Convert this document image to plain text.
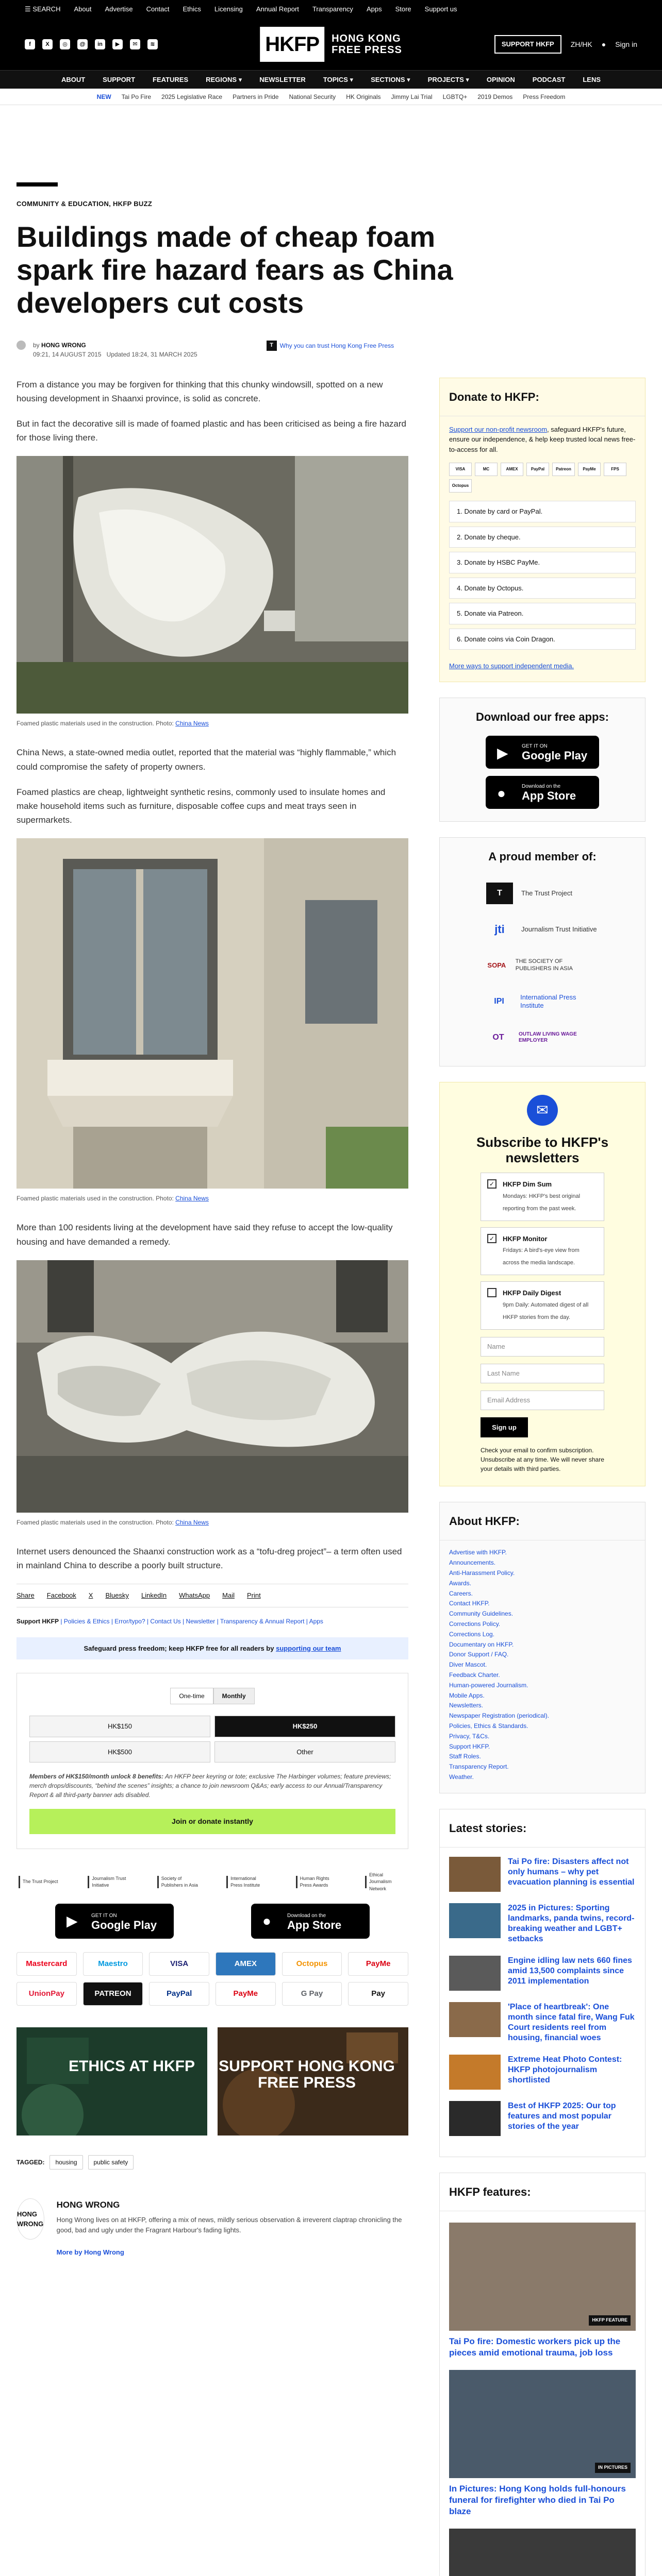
☰ SEARCH About Advertise Contact Ethics Licensing Annual Report Transparency Apps Store Support us
f	X	◎	@	in	▶	✉	≋	HKFP	HONG KONG
FREE PRESS
SUPPORT HKFP	ZH/HK ● Sign in
ABOUT	SUPPORT	FEATURES	REGIONS ▾	NEWSLETTER	TOPICS ▾	SECTIONS ▾	PROJECTS ▾	OPINION	PODCAST	LENS
NEW Tai Po Fire 2025 Legislative Race Partners in Pride National Security HK Originals Jimmy Lai Trial LGBTQ+ 2019 Demos Press Freedom
COMMUNITY & EDUCATION, HKFP BUZZ
Buildings made of cheap foam spark fire hazard fears as China developers cut costs
by HONG WRONG
09:21, 14 AUGUST 2015 Updated 18:24, 31 MARCH 2025
T	Why you can trust Hong Kong Free Press

From a distance you may be forgiven for thinking that this chunky windowsill, spotted on a new housing development in Shaanxi province, is solid as concrete.

But in fact the decorative sill is made of foamed plastic and has been criticised as being a fire hazard for those living there.

Foamed plastic materials used in the construction. Photo: China News

China News, a state-owned media outlet, reported that the material was “highly flammable,” which could compromise the safety of property owners.

Foamed plastics are cheap, lightweight synthetic resins, commonly used to insulate homes and make household items such as furniture, disposable coffee cups and meat trays seen in supermarkets.

Foamed plastic materials used in the construction. Photo: China News

More than 100 residents living at the development have said they refuse to accept the low-quality housing and have demanded a remedy.

Foamed plastic materials used in the construction. Photo: China News

Internet users denounced the Shaanxi construction work as a “tofu-dreg project”– a term often used in mainland China to describe a poorly built structure.

Share Facebook X Bluesky LinkedIn WhatsApp Mail Print
Support HKFP | Policies & Ethics | Error/typo? | Contact Us | Newsletter | Transparency & Annual Report | Apps
Safeguard press freedom; keep HKFP free for all readers by supporting our team
One-time	Monthly
HK$150	HK$250
HK$500	Other
Members of HK$150/month unlock 8 benefits: An HKFP beer keyring or tote; exclusive The Harbinger volumes; feature previews; merch drops/discounts, “behind the scenes” insights; a chance to join newsroom Q&As; early access to our Annual/Transparency Report & all third-party banner ads disabled.
Join or donate instantly
The Trust Project
Journalism Trust Initiative
Society of Publishers in Asia
International Press Institute
Human Rights Press Awards
Ethical Journalism Network
▶	GET IT ON
Google Play	●	Download on the
App Store
Mastercard	Maestro	VISA	AMEX	Octopus	PayMe
UnionPay	PATREON	PayPal	PayMe	G Pay	Pay
ETHICS AT HKFP SUPPORT HONG KONG FREE PRESS
TAGGED:	housing	public safety
HONG WRONG
HONG WRONG

Hong Wrong lives on at HKFP, offering a mix of news, mildly serious observation & irreverent claptrap chronicling the good, bad and ugly under the Fragrant Harbour's fading lights.

More by Hong Wrong
Donate to HKFP:
Support our non-profit newsroom, safeguard HKFP's future, ensure our independence, & help keep trusted local news free-to-access for all.
VISA	MC	AMEX	PayPal	Patreon	PayMe	FPS
Octopus
1. Donate by card or PayPal.
2. Donate by cheque.
3. Donate by HSBC PayMe.
4. Donate by Octopus.
5. Donate via Patreon.
6. Donate coins via Coin Dragon.
More ways to support independent media.
Download our free apps:
▶	GET IT ON
Google Play
●	Download on the
App Store
A proud member of:
T	The Trust Project
jti	Journalism Trust Initiative
SOPA THE SOCIETY OF PUBLISHERS IN ASIA
IPI	International Press Institute
OT	OUTLAW LIVING WAGE EMPLOYER
✉
Subscribe to HKFP's newsletters
✓	HKFP Dim Sum
Mondays: HKFP's best original reporting from the past week.
✓	HKFP Monitor
Fridays: A bird's-eye view from across the media landscape.
HKFP Daily Digest
9pm Daily: Automated digest of all HKFP stories from the day.
Name
Last Name
Email Address
Sign up
Check your email to confirm subscription. Unsubscribe at any time. We will never share your details with third parties.
About HKFP:
Advertise with HKFP.
Announcements.
Anti-Harassment Policy.
Awards.
Careers.
Contact HKFP.
Community Guidelines.
Corrections Policy.
Corrections Log.
Documentary on HKFP.
Donor Support / FAQ.
Diver Mascot.
Feedback Charter.
Human-powered Journalism.
Mobile Apps.
Newsletters.
Newspaper Registration (periodical).
Policies, Ethics & Standards.
Privacy, T&Cs.
Support HKFP.
Staff Roles.
Transparency Report.
Weather.
Latest stories:
Tai Po fire: Disasters affect not only humans – why pet evacuation planning is essential
2025 in Pictures: Sporting landmarks, panda twins, record-breaking weather and LGBT+ setbacks
Engine idling law nets 660 fines amid 13,500 complaints since 2011 implementation
'Place of heartbreak': One month since fatal fire, Wang Fuk Court residents reel from housing, financial woes
Extreme Heat Photo Contest: HKFP photojournalism shortlisted
Best of HKFP 2025: Our top features and most popular stories of the year
HKFP features:
HKFP FEATURE
Tai Po fire: Domestic workers pick up the pieces amid emotional trauma, job loss
IN PICTURES
In Pictures: Hong Kong holds full-honours funeral for firefighter who died in Tai Po blaze
